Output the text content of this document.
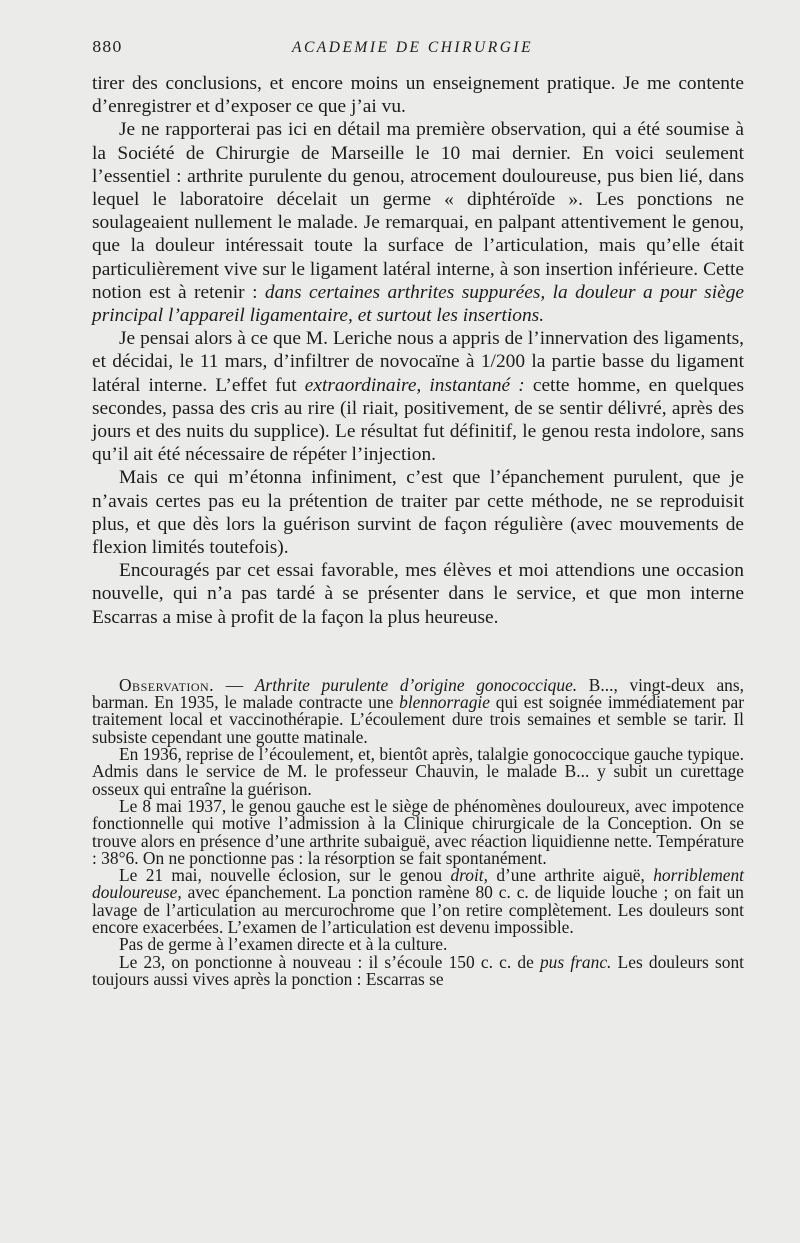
880	ACADEMIE DE CHIRURGIE

tirer des conclusions, et encore moins un enseignement pratique. Je me contente d’enregistrer et d’exposer ce que j’ai vu.

Je ne rapporterai pas ici en détail ma première observation, qui a été soumise à la Société de Chirurgie de Marseille le 10 mai dernier. En voici seulement l’essentiel : arthrite purulente du genou, atrocement douloureuse, pus bien lié, dans lequel le laboratoire décelait un germe « diphtéroïde ». Les ponctions ne soulageaient nullement le malade. Je remarquai, en palpant attentivement le genou, que la douleur intéressait toute la surface de l’articulation, mais qu’elle était particulièrement vive sur le ligament latéral interne, à son insertion inférieure. Cette notion est à retenir : dans certaines arthrites suppurées, la douleur a pour siège principal l’appareil ligamentaire, et surtout les insertions.

Je pensai alors à ce que M. Leriche nous a appris de l’innervation des ligaments, et décidai, le 11 mars, d’infiltrer de novocaïne à 1/200 la partie basse du ligament latéral interne. L’effet fut extraordinaire, instantané : cette homme, en quelques secondes, passa des cris au rire (il riait, positivement, de se sentir délivré, après des jours et des nuits du supplice). Le résultat fut définitif, le genou resta indolore, sans qu’il ait été nécessaire de répéter l’injection.

Mais ce qui m’étonna infiniment, c’est que l’épanchement purulent, que je n’avais certes pas eu la prétention de traiter par cette méthode, ne se reproduisit plus, et que dès lors la guérison survint de façon régulière (avec mouvements de flexion limités toutefois).

Encouragés par cet essai favorable, mes élèves et moi attendions une occasion nouvelle, qui n’a pas tardé à se présenter dans le service, et que mon interne Escarras a mise à profit de la façon la plus heureuse.

Observation. — Arthrite purulente d’origine gonococcique. B..., vingt-deux ans, barman. En 1935, le malade contracte une blennorragie qui est soignée immédiatement par traitement local et vaccinothérapie. L’écoulement dure trois semaines et semble se tarir. Il subsiste cependant une goutte matinale.

En 1936, reprise de l’écoulement, et, bientôt après, talalgie gonococcique gauche typique. Admis dans le service de M. le professeur Chauvin, le malade B... y subit un curettage osseux qui entraîne la guérison.

Le 8 mai 1937, le genou gauche est le siège de phénomènes douloureux, avec impotence fonctionnelle qui motive l’admission à la Clinique chirurgicale de la Conception. On se trouve alors en présence d’une arthrite subaiguë, avec réaction liquidienne nette. Température : 38°6. On ne ponctionne pas : la résorption se fait spontanément.

Le 21 mai, nouvelle éclosion, sur le genou droit, d’une arthrite aiguë, horriblement douloureuse, avec épanchement. La ponction ramène 80 c. c. de liquide louche ; on fait un lavage de l’articulation au mercurochrome que l’on retire complètement. Les douleurs sont encore exacerbées. L’examen de l’articulation est devenu impossible.

Pas de germe à l’examen directe et à la culture.

Le 23, on ponctionne à nouveau : il s’écoule 150 c. c. de pus franc. Les douleurs sont toujours aussi vives après la ponction : Escarras se
